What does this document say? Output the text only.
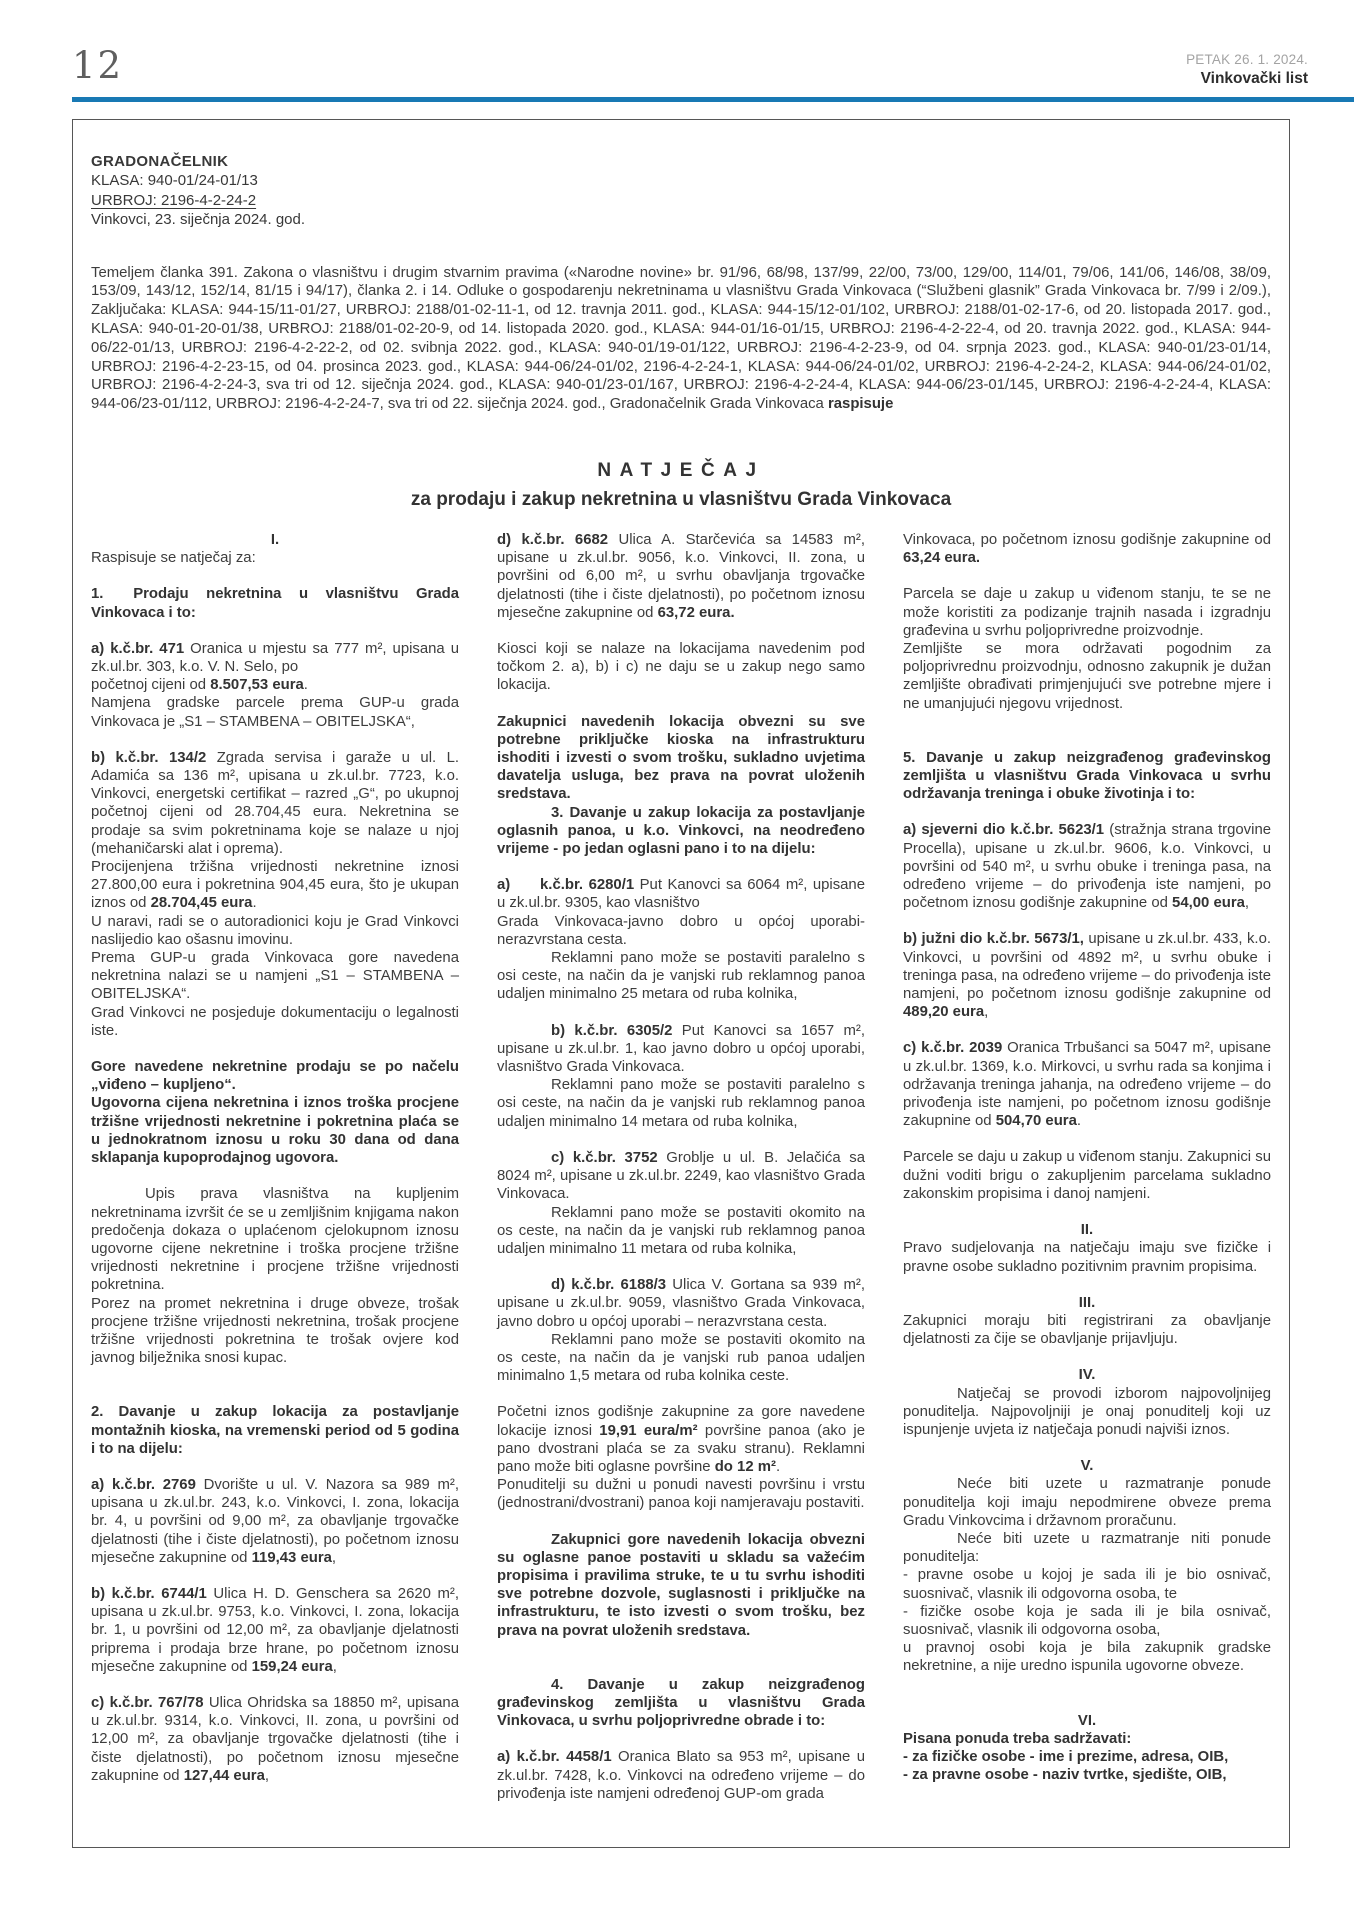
12	PETAK 26. 1. 2024.
Vinkovački list
GRADONAČELNIK
KLASA: 940-01/24-01/13
URBROJ: 2196-4-2-24-2
Vinkovci, 23. siječnja 2024. god.

Temeljem članka 391. Zakona o vlasništvu i drugim stvarnim pravima («Narodne novine» br. 91/96, 68/98, 137/99, 22/00, 73/00, 129/00, 114/01, 79/06, 141/06, 146/08, 38/09, 153/09, 143/12, 152/14, 81/15 i 94/17), članka 2. i 14. Odluke o gospodarenju nekretninama u vlasništvu Grada Vinkovaca (“Službeni glasnik” Grada Vinkovaca br. 7/99 i 2/09.), Zaključaka: KLASA: 944-15/11-01/27, URBROJ: 2188/01-02-11-1, od 12. travnja 2011. god., KLASA: 944-15/12-01/102, URBROJ: 2188/01-02-17-6, od 20. listopada 2017. god., KLASA: 940-01-20-01/38, URBROJ: 2188/01-02-20-9, od 14. listopada 2020. god., KLASA: 944-01/16-01/15, URBROJ: 2196-4-2-22-4, od 20. travnja 2022. god., KLASA: 944-06/22-01/13, URBROJ: 2196-4-2-22-2, od 02. svibnja 2022. god., KLASA: 940-01/19-01/122, URBROJ: 2196-4-2-23-9, od 04. srpnja 2023. god., KLASA: 940-01/23-01/14, URBROJ: 2196-4-2-23-15, od 04. prosinca 2023. god., KLASA: 944-06/24-01/02, 2196-4-2-24-1, KLASA: 944-06/24-01/02, URBROJ: 2196-4-2-24-2, KLASA: 944-06/24-01/02, URBROJ: 2196-4-2-24-3, sva tri od 12. siječnja 2024. god., KLASA: 940-01/23-01/167, URBROJ: 2196-4-2-24-4, KLASA: 944-06/23-01/145, URBROJ: 2196-4-2-24-4, KLASA: 944-06/23-01/112, URBROJ: 2196-4-2-24-7, sva tri od 22. siječnja 2024. god., Gradonačelnik Grada Vinkovaca raspisuje

NATJEČAJ
za prodaju i zakup nekretnina u vlasništvu Grada Vinkovaca

I.

Raspisuje se natječaj za:

1.  Prodaju nekretnina u vlasništvu Grada Vinkovaca i to:

a) k.č.br. 471 Oranica u mjestu sa 777 m², upisana u zk.ul.br. 303, k.o. V. N. Selo, po

početnoj cijeni od 8.507,53 eura.

Namjena gradske parcele prema GUP-u grada Vinkovaca je „S1 – STAMBENA – OBITELJSKA“,

b) k.č.br. 134/2 Zgrada servisa i garaže u ul. L. Adamića sa 136 m², upisana u zk.ul.br. 7723, k.o. Vinkovci, energetski certifikat – razred „G“, po ukupnoj početnoj cijeni od 28.704,45 eura. Nekretnina se prodaje sa svim pokretninama koje se nalaze u njoj (mehaničarski alat i oprema).

Procijenjena tržišna vrijednosti nekretnine iznosi 27.800,00 eura i pokretnina 904,45 eura, što je ukupan iznos od 28.704,45 eura.

U naravi, radi se o autoradionici koju je Grad Vinkovci naslijedio kao ošasnu imovinu.

Prema GUP-u grada Vinkovaca gore navedena nekretnina nalazi se u namjeni „S1 – STAMBENA – OBITELJSKA“.

Grad Vinkovci ne posjeduje dokumentaciju o legalnosti iste.

Gore navedene nekretnine prodaju se po načelu „viđeno – kupljeno“.

Ugovorna cijena nekretnina i iznos troška procjene tržišne vrijednosti nekretnine i pokretnina plaća se u jednokratnom iznosu u roku 30 dana od dana sklapanja kupoprodajnog ugovora.

Upis prava vlasništva na kupljenim nekretninama izvršit će se u zemljišnim knjigama nakon predočenja dokaza o uplaćenom cjelokupnom iznosu ugovorne cijene nekretnine i troška procjene tržišne vrijednosti nekretnine i procjene tržišne vrijednosti pokretnina.

Porez na promet nekretnina i druge obveze, trošak procjene tržišne vrijednosti nekretnina, trošak procjene tržišne vrijednosti pokretnina te trošak ovjere kod javnog bilježnika snosi kupac.

2. Davanje u zakup lokacija za postavljanje montažnih kioska, na vremenski period od 5 godina i to na dijelu:

a) k.č.br. 2769 Dvorište u ul. V. Nazora sa 989 m², upisana u zk.ul.br. 243, k.o. Vinkovci, I. zona, lokacija br. 4, u površini od 9,00 m², za obavljanje trgovačke djelatnosti (tihe i čiste djelatnosti), po početnom iznosu mjesečne zakupnine od 119,43 eura,

b) k.č.br. 6744/1 Ulica H. D. Genschera sa 2620 m², upisana u zk.ul.br. 9753, k.o. Vinkovci, I. zona, lokacija br. 1, u površini od 12,00 m², za obavljanje djelatnosti priprema i prodaja brze hrane, po početnom iznosu mjesečne zakupnine od 159,24 eura,

c) k.č.br. 767/78 Ulica Ohridska sa 18850 m², upisana u zk.ul.br. 9314, k.o. Vinkovci, II. zona, u površini od 12,00 m², za obavljanje trgovačke djelatnosti (tihe i čiste djelatnosti), po početnom iznosu mjesečne zakupnine od 127,44 eura,

d) k.č.br. 6682 Ulica A. Starčevića sa 14583 m², upisane u zk.ul.br. 9056, k.o. Vinkovci, II. zona, u površini od 6,00 m², u svrhu obavljanja trgovačke djelatnosti (tihe i čiste djelatnosti), po početnom iznosu mjesečne zakupnine od 63,72 eura.

Kiosci koji se nalaze na lokacijama navedenim pod točkom 2. a), b) i c) ne daju se u zakup nego samo lokacija.

Zakupnici navedenih lokacija obvezni su sve potrebne priključke kioska na infrastrukturu ishoditi i izvesti o svom trošku, sukladno uvjetima davatelja usluga, bez prava na povrat uloženih sredstava.

3. Davanje u zakup lokacija za postavljanje oglasnih panoa, u k.o. Vinkovci, na neodređeno vrijeme - po jedan oglasni pano i to na dijelu:

a)  k.č.br. 6280/1 Put Kanovci sa 6064 m², upisane u zk.ul.br. 9305, kao vlasništvo

Grada Vinkovaca-javno dobro u općoj uporabi-nerazvrstana cesta.

Reklamni pano može se postaviti paralelno s osi ceste, na način da je vanjski rub reklamnog panoa udaljen minimalno 25 metara od ruba kolnika,

b) k.č.br. 6305/2 Put Kanovci sa 1657 m², upisane u zk.ul.br. 1, kao javno dobro u općoj uporabi, vlasništvo Grada Vinkovaca.

Reklamni pano može se postaviti paralelno s osi ceste, na način da je vanjski rub reklamnog panoa udaljen minimalno 14 metara od ruba kolnika,

c) k.č.br. 3752 Groblje u ul. B. Jelačića sa 8024 m², upisane u zk.ul.br. 2249, kao vlasništvo Grada Vinkovaca.

Reklamni pano može se postaviti okomito na os ceste, na način da je vanjski rub reklamnog panoa udaljen minimalno 11 metara od ruba kolnika,

d) k.č.br. 6188/3 Ulica V. Gortana sa 939 m², upisane u zk.ul.br. 9059, vlasništvo Grada Vinkovaca, javno dobro u općoj uporabi – nerazvrstana cesta.

Reklamni pano može se postaviti okomito na os ceste, na način da je vanjski rub panoa udaljen minimalno 1,5 metara od ruba kolnika ceste.

Početni iznos godišnje zakupnine za gore navedene lokacije iznosi 19,91 eura/m² površine panoa (ako je pano dvostrani plaća se za svaku stranu). Reklamni pano može biti oglasne površine do 12 m².

Ponuditelji su dužni u ponudi navesti površinu i vrstu (jednostrani/dvostrani) panoa koji namjeravaju postaviti.

Zakupnici gore navedenih lokacija obvezni su oglasne panoe postaviti u skladu sa važećim propisima i pravilima struke, te u tu svrhu ishoditi sve potrebne dozvole, suglasnosti i priključke na infrastrukturu, te isto izvesti o svom trošku, bez prava na povrat uloženih sredstava.

4. Davanje u zakup neizgrađenog građevinskog zemljišta u vlasništvu Grada Vinkovaca, u svrhu poljoprivredne obrade i to:

a) k.č.br. 4458/1 Oranica Blato sa 953 m², upisane u zk.ul.br. 7428, k.o. Vinkovci na određeno vrijeme – do privođenja iste namjeni određenoj GUP-om grada

Vinkovaca, po početnom iznosu godišnje zakupnine od 63,24 eura.

Parcela se daje u zakup u viđenom stanju, te se ne može koristiti za podizanje trajnih nasada i izgradnju građevina u svrhu poljoprivredne proizvodnje.

Zemljište se mora održavati pogodnim za poljoprivrednu proizvodnju, odnosno zakupnik je dužan zemljište obrađivati primjenjujući sve potrebne mjere i ne umanjujući njegovu vrijednost.

5. Davanje u zakup neizgrađenog građevinskog zemljišta u vlasništvu Grada Vinkovaca u svrhu održavanja treninga i obuke životinja i to:

a) sjeverni dio k.č.br. 5623/1 (stražnja strana trgovine Procella), upisane u zk.ul.br. 9606, k.o. Vinkovci, u površini od 540 m², u svrhu obuke i treninga pasa, na određeno vrijeme – do privođenja iste namjeni, po početnom iznosu godišnje zakupnine od 54,00 eura,

b) južni dio k.č.br. 5673/1, upisane u zk.ul.br. 433, k.o. Vinkovci, u površini od 4892 m², u svrhu obuke i treninga pasa, na određeno vrijeme – do privođenja iste namjeni, po početnom iznosu godišnje zakupnine od 489,20 eura,

c) k.č.br. 2039 Oranica Trbušanci sa 5047 m², upisane u zk.ul.br. 1369, k.o. Mirkovci, u svrhu rada sa konjima i održavanja treninga jahanja, na određeno vrijeme – do privođenja iste namjeni, po početnom iznosu godišnje zakupnine od 504,70 eura.

Parcele se daju u zakup u viđenom stanju. Zakupnici su dužni voditi brigu o zakupljenim parcelama sukladno zakonskim propisima i danoj namjeni.

II.

Pravo sudjelovanja na natječaju imaju sve fizičke i pravne osobe sukladno pozitivnim pravnim propisima.

III.

Zakupnici moraju biti registrirani za obavljanje djelatnosti za čije se obavljanje prijavljuju.

IV.

Natječaj se provodi izborom najpovoljnijeg ponuditelja. Najpovoljniji je onaj ponuditelj koji uz ispunjenje uvjeta iz natječaja ponudi najviši iznos.

V.

Neće biti uzete u razmatranje ponude ponuditelja koji imaju nepodmirene obveze prema Gradu Vinkovcima i državnom proračunu.

Neće biti uzete u razmatranje niti ponude ponuditelja:

- pravne osobe u kojoj je sada ili je bio osnivač, suosnivač, vlasnik ili odgovorna osoba, te

- fizičke osobe koja je sada ili je bila osnivač, suosnivač, vlasnik ili odgovorna osoba,

u pravnoj osobi koja je bila zakupnik gradske nekretnine, a nije uredno ispunila ugovorne obveze.

VI.

Pisana ponuda treba sadržavati:

- za fizičke osobe - ime i prezime, adresa, OIB,

- za pravne osobe - naziv tvrtke, sjedište, OIB,
